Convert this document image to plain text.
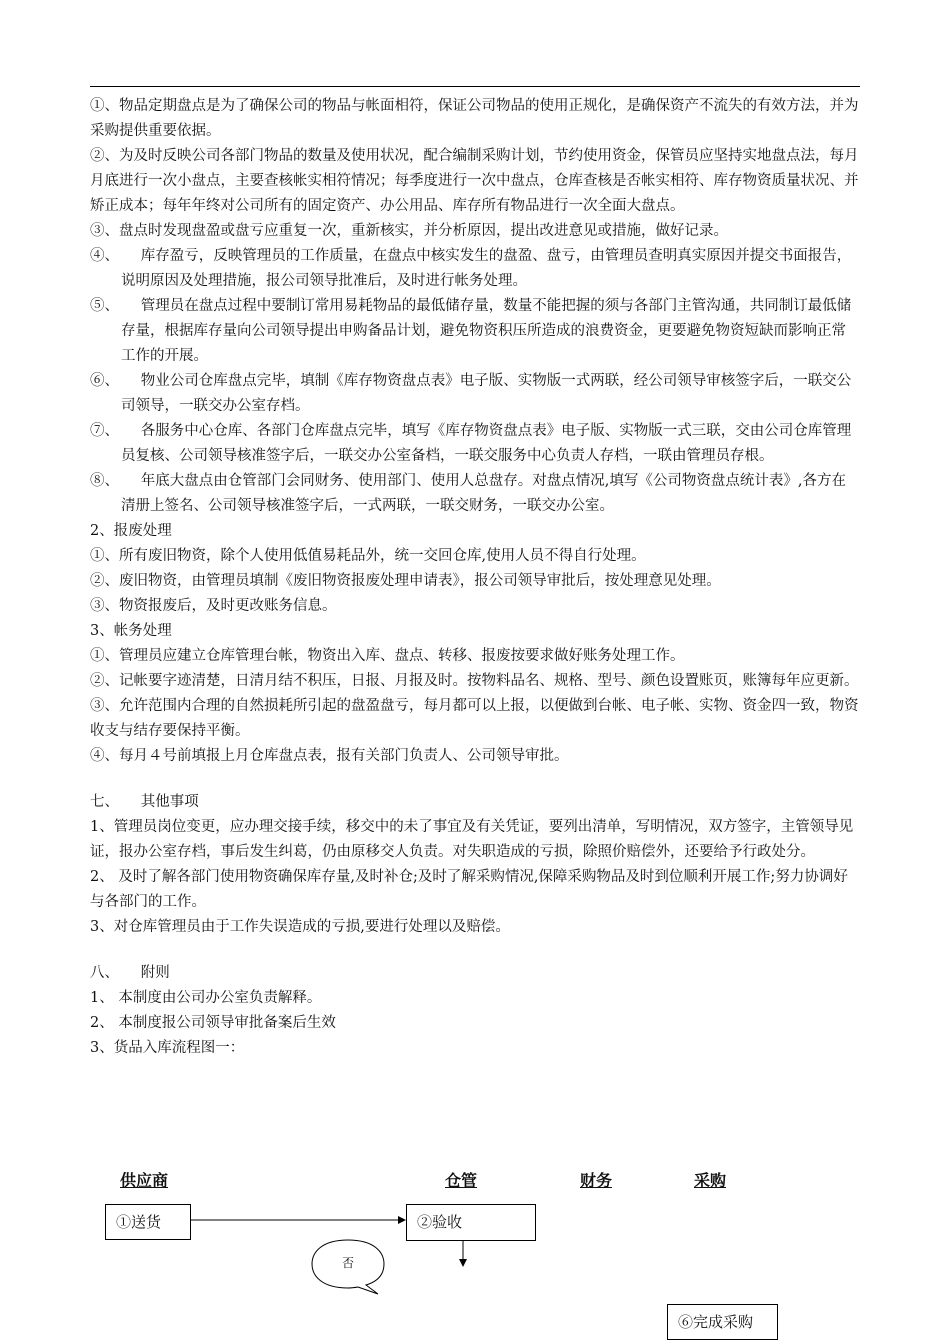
①、物品定期盘点是为了确保公司的物品与帐面相符，保证公司物品的使用正规化，是确保资产不流失的有效方法，并为采购提供重要依据。

②、为及时反映公司各部门物品的数量及使用状况，配合编制采购计划，节约使用资金，保管员应坚持实地盘点法，每月月底进行一次小盘点，主要查核帐实相符情况；每季度进行一次中盘点，仓库查核是否帐实相符、库存物资质量状况、并矫正成本；每年年终对公司所有的固定资产、办公用品、库存所有物品进行一次全面大盘点。

③、盘点时发现盘盈或盘亏应重复一次，重新核实，并分析原因，提出改进意见或措施，做好记录。

④、　　库存盈亏，反映管理员的工作质量，在盘点中核实发生的盘盈、盘亏，由管理员查明真实原因并提交书面报告，说明原因及处理措施，报公司领导批准后，及时进行帐务处理。

⑤、　　管理员在盘点过程中要制订常用易耗物品的最低储存量，数量不能把握的须与各部门主管沟通，共同制订最低储存量，根据库存量向公司领导提出申购备品计划，避免物资积压所造成的浪费资金，更要避免物资短缺而影响正常工作的开展。

⑥、　　物业公司仓库盘点完毕，填制《库存物资盘点表》电子版、实物版一式两联，经公司领导审核签字后，一联交公司领导，一联交办公室存档。

⑦、　　各服务中心仓库、各部门仓库盘点完毕，填写《库存物资盘点表》电子版、实物版一式三联，交由公司仓库管理员复核、公司领导核准签字后，一联交办公室备档，一联交服务中心负责人存档，一联由管理员存根。

⑧、　　年底大盘点由仓管部门会同财务、使用部门、使用人总盘存。对盘点情况,填写《公司物资盘点统计表》,各方在清册上签名、公司领导核准签字后，一式两联，一联交财务，一联交办公室。

2、报废处理

①、所有废旧物资，除个人使用低值易耗品外，统一交回仓库,使用人员不得自行处理。

②、废旧物资，由管理员填制《废旧物资报废处理申请表》，报公司领导审批后，按处理意见处理。

③、物资报废后，及时更改账务信息。

3、帐务处理

①、管理员应建立仓库管理台帐，物资出入库、盘点、转移、报废按要求做好账务处理工作。

②、记帐要字迹清楚，日清月结不积压，日报、月报及时。按物料品名、规格、型号、颜色设置账页，账簿每年应更新。

③、允许范围内合理的自然损耗所引起的盘盈盘亏，每月都可以上报，以便做到台帐、电子帐、实物、资金四一致，物资收支与结存要保持平衡。

④、每月４号前填报上月仓库盘点表，报有关部门负责人、公司领导审批。

七、　　其他事项

1、管理员岗位变更，应办理交接手续，移交中的未了事宜及有关凭证，要列出清单，写明情况，双方签字，主管领导见证，报办公室存档，事后发生纠葛，仍由原移交人负责。对失职造成的亏损，除照价赔偿外，还要给予行政处分。

2、 及时了解各部门使用物资确保库存量,及时补仓;及时了解采购情况,保障采购物品及时到位顺利开展工作;努力协调好与各部门的工作。

3、对仓库管理员由于工作失误造成的亏损,要进行处理以及赔偿。

八、　　附则

1、 本制度由公司办公室负责解释。

2、 本制度报公司领导审批备案后生效

3、货品入库流程图一：

供应商	仓管	财务	采购
否
①送货	②验收
⑥完成采购
